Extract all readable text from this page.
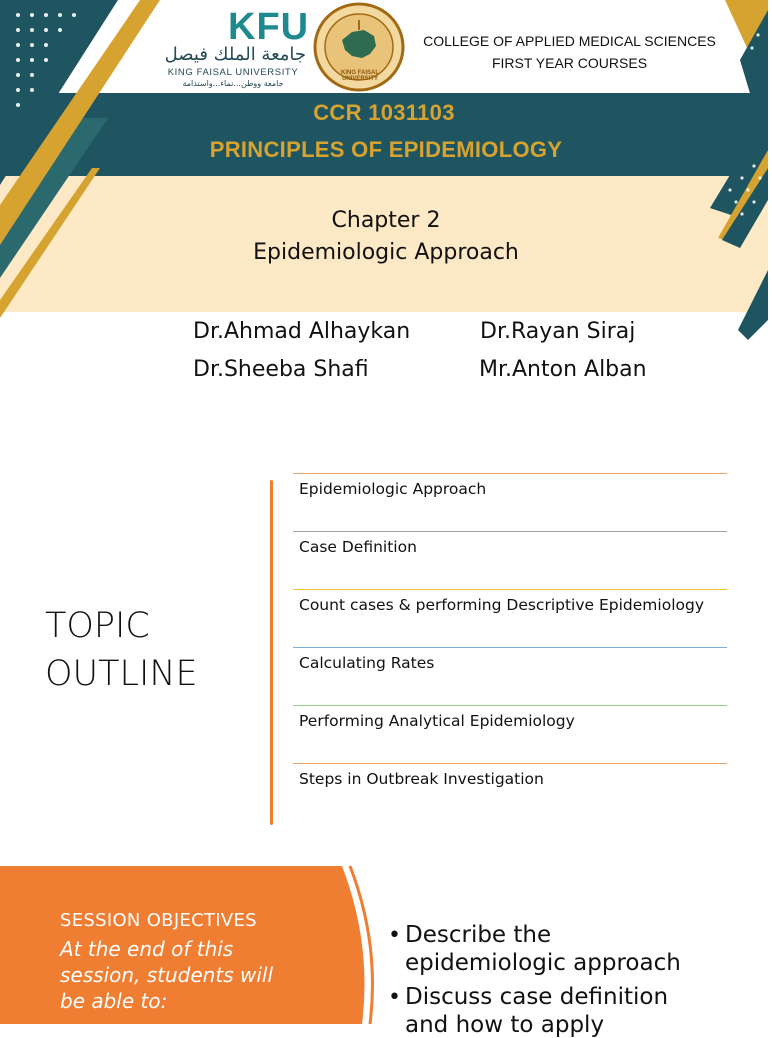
KFU
جامعة الملك فيصل
KING FAISAL UNIVERSITY
جامعة ووطن...نماء...واستدامة
KING FAISAL UNIVERSITY
COLLEGE OF APPLIED MEDICAL SCIENCES
FIRST YEAR COURSES
CCR 1031103
PRINCIPLES OF EPIDEMIOLOGY
Chapter 2
Epidemiologic Approach
Dr.Ahmad Alhaykan	Dr.Rayan Siraj
Dr.Sheeba Shafi	Mr.Anton Alban
TOPIC OUTLINE
Epidemiologic Approach
Case Definition
Count cases & performing Descriptive Epidemiology
Calculating Rates
Performing Analytical Epidemiology
Steps in Outbreak Investigation
SESSION OBJECTIVES
At the end of this
session, students will
be able to:
• Describe the
epidemiologic approach
• Discuss case definition
and how to apply
